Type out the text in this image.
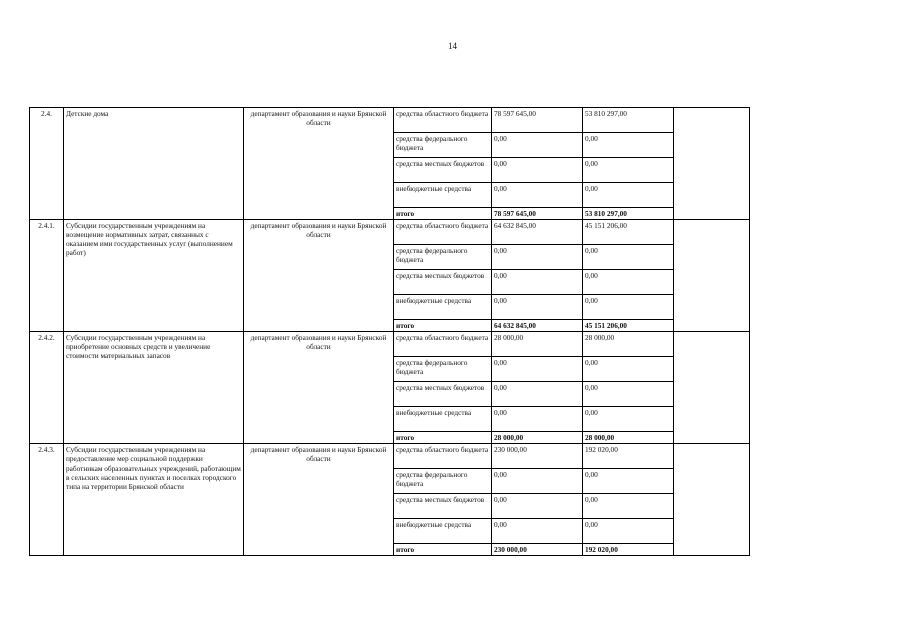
14
2.4.	Детские дома	департамент образования и науки Брянской области	средства областного бюджета	78 597 645,00	53 810 297,00	
			средства федерального бюджета	0,00	0,00	
			средства местных бюджетов	0,00	0,00	
			внебюджетные средства	0,00	0,00	
			итого	78 597 645,00	53 810 297,00	
2.4.1.	Субсидии государственным учреждениям на возмещение нормативных затрат, связанных с оказанием ими государственных услуг (выполнением работ)	департамент образования и науки Брянской области	средства областного бюджета	64 632 845,00	45 151 206,00	
			средства федерального бюджета	0,00	0,00	
			средства местных бюджетов	0,00	0,00	
			внебюджетные средства	0,00	0,00	
			итого	64 632 845,00	45 151 206,00	
2.4.2.	Субсидии государственным учреждениям на приобретение основных средств и увеличение стоимости материальных запасов	департамент образования и науки Брянской области	средства областного бюджета	28 000,00	28 000,00	
			средства федерального бюджета	0,00	0,00	
			средства местных бюджетов	0,00	0,00	
			внебюджетные средства	0,00	0,00	
			итого	28 000,00	28 000,00	
2.4.3.	Субсидии государственным учреждениям на предоставление мер социальной поддержки работникам образовательных учреждений, работающим в сельских населенных пунктах и поселках городского типа на территории Брянской области	департамент образования и науки Брянской области	средства областного бюджета	230 000,00	192 020,00	
			средства федерального бюджета	0,00	0,00	
			средства местных бюджетов	0,00	0,00	
			внебюджетные средства	0,00	0,00	
			итого	230 000,00	192 020,00	
